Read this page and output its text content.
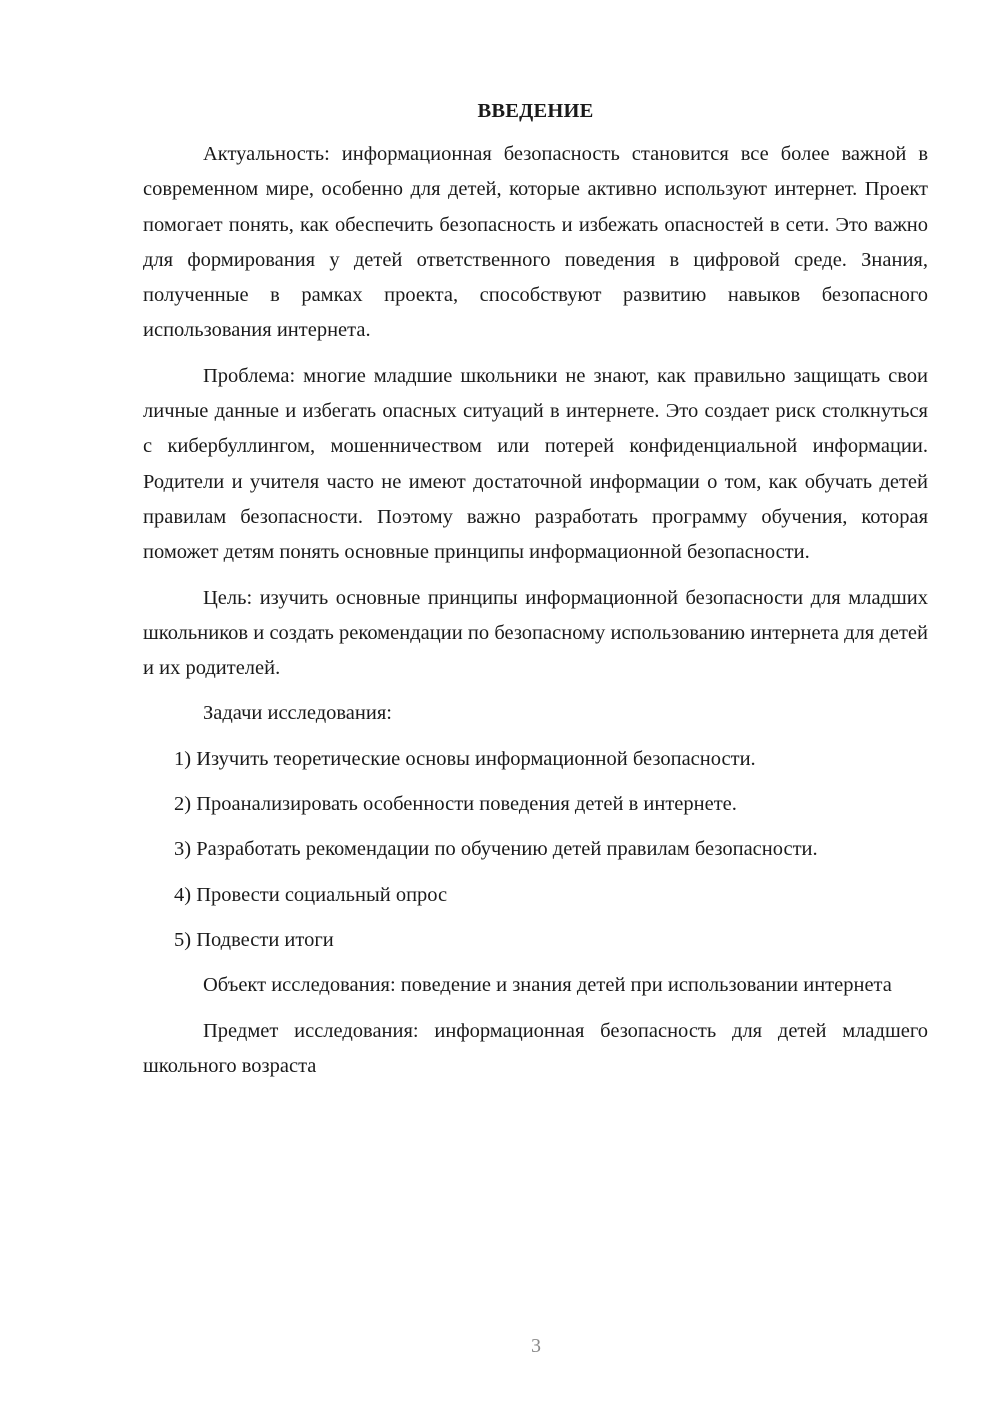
ВВЕДЕНИЕ

Актуальность: информационная безопасность становится все более важной в современном мире, особенно для детей, которые активно используют интернет. Проект помогает понять, как обеспечить безопасность и избежать опасностей в сети. Это важно для формирования у детей ответственного поведения в цифровой среде. Знания, полученные в рамках проекта, способствуют развитию навыков безопасного использования интернета.

Проблема: многие младшие школьники не знают, как правильно защищать свои личные данные и избегать опасных ситуаций в интернете. Это создает риск столкнуться с кибербуллингом, мошенничеством или потерей конфиденциальной информации. Родители и учителя часто не имеют достаточной информации о том, как обучать детей правилам безопасности. Поэтому важно разработать программу обучения, которая поможет детям понять основные принципы информационной безопасности.

Цель: изучить основные принципы информационной безопасности для младших школьников и создать рекомендации по безопасному использованию интернета для детей и их родителей.

Задачи исследования:

1) Изучить теоретические основы информационной безопасности.

2) Проанализировать особенности поведения детей в интернете.

3) Разработать рекомендации по обучению детей правилам безопасности.

4) Провести социальный опрос

5) Подвести итоги

Объект исследования: поведение и знания детей при использовании интернета

Предмет исследования: информационная безопасность для детей младшего школьного возраста

3
